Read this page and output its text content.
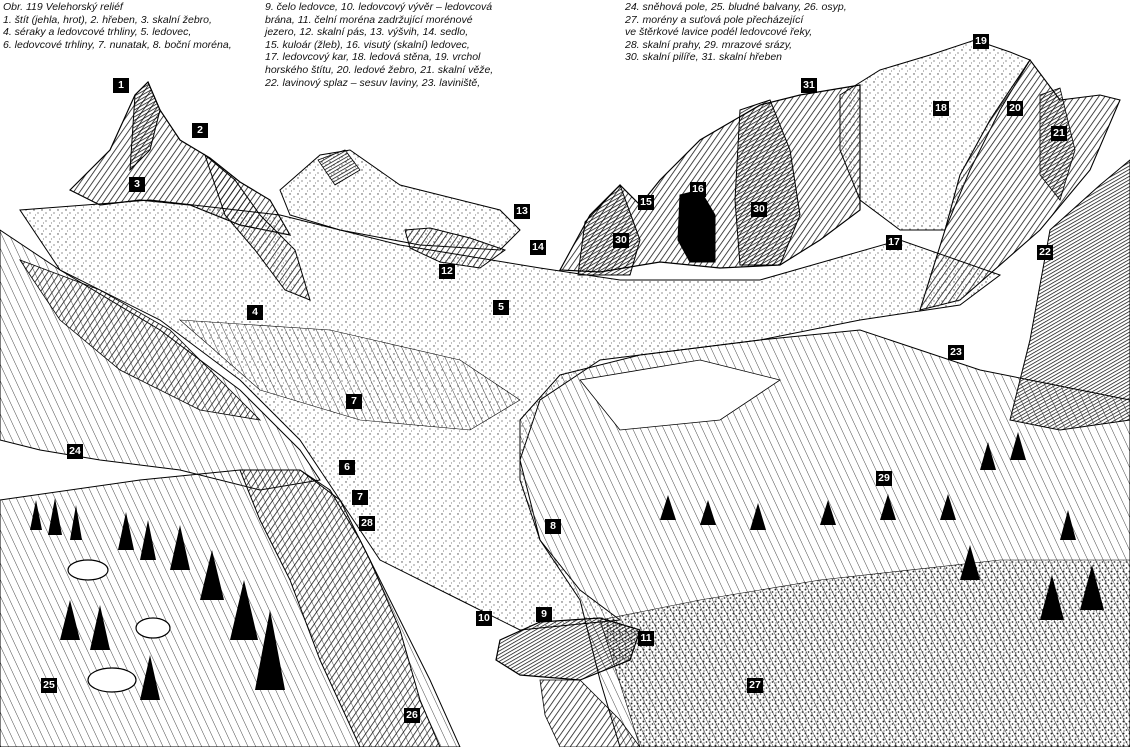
Obr. 119 Velehorský reliéf
1. štít (jehla, hrot), 2. hřeben, 3. skalní žebro,
4. séraky a ledovcové trhliny, 5. ledovec,
6. ledovcové trhliny, 7. nunatak, 8. boční moréna,
9. čelo ledovce, 10. ledovcový vývěr – ledovcová
brána, 11. čelní moréna zadržující morénové
jezero, 12. skalní pás, 13. výšvih, 14. sedlo,
15. kuloár (žleb), 16. visutý (skalní) ledovec,
17. ledovcový kar, 18. ledová stěna, 19. vrchol
horského štítu, 20. ledové žebro, 21. skalní věže,
22. lavinový splaz – sesuv laviny, 23. laviniště,
24. sněhová pole, 25. bludné balvany, 26. osyp,
27. morény a suťová pole přecházející
ve štěrkové lavice podél ledovcové řeky,
28. skalní prahy, 29. mrazové srázy,
30. skalní pilíře, 31. skalní hřeben
1
2
3
4	5
6
7
7
8
9
10
11
12
13
14
15
16
17
18
19
20
21
22
23
24
25
26
27
28
29
30
30
31
